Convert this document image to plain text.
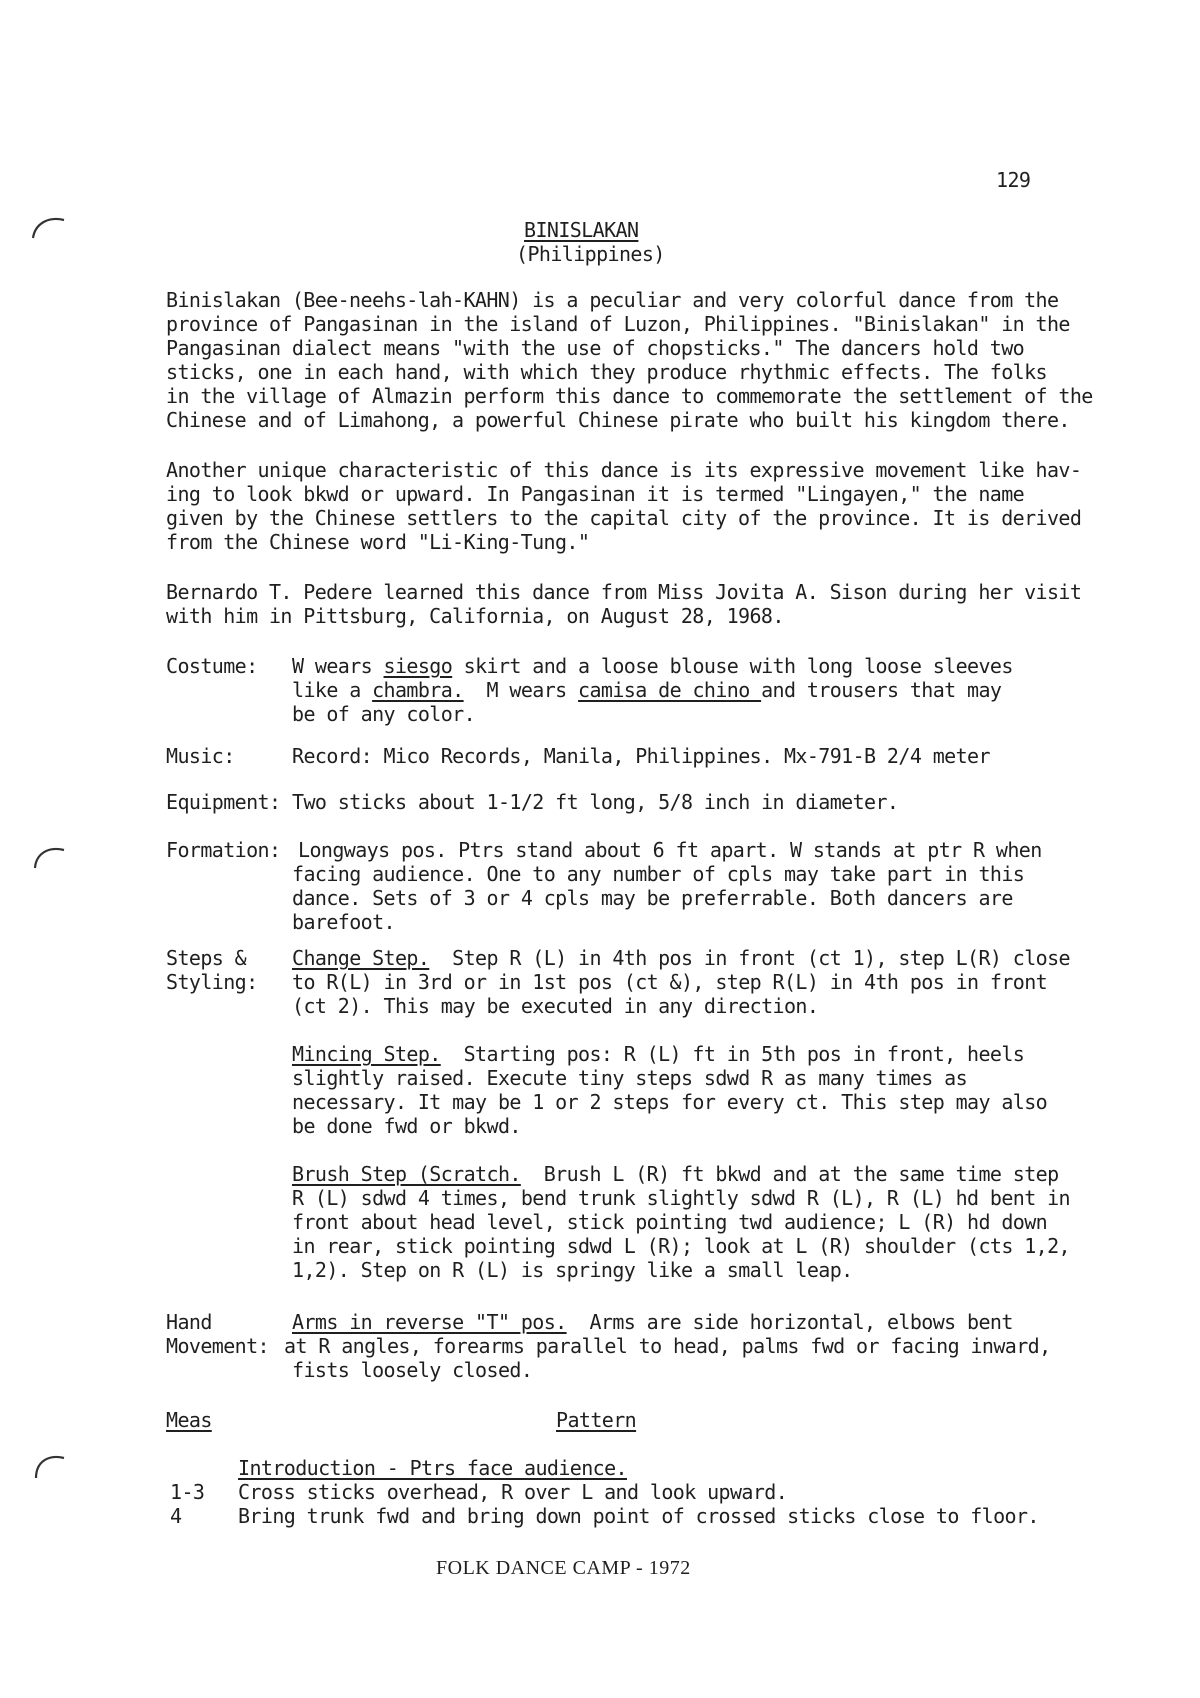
129
BINISLAKAN
(Philippines)
Binislakan (Bee-neehs-lah-KAHN) is a peculiar and very colorful dance from the
province of Pangasinan in the island of Luzon, Philippines. "Binislakan" in the
Pangasinan dialect means "with the use of chopsticks." The dancers hold two
sticks, one in each hand, with which they produce rhythmic effects. The folks
in the village of Almazin perform this dance to commemorate the settlement of the
Chinese and of Limahong, a powerful Chinese pirate who built his kingdom there.
Another unique characteristic of this dance is its expressive movement like hav-
ing to look bkwd or upward. In Pangasinan it is termed "Lingayen," the name
given by the Chinese settlers to the capital city of the province. It is derived
from the Chinese word "Li-King-Tung."
Bernardo T. Pedere learned this dance from Miss Jovita A. Sison during her visit
with him in Pittsburg, California, on August 28, 1968.
Costume: W wears siesgo skirt and a loose blouse with long loose sleeves
like a chambra.  M wears camisa de chino and trousers that may
be of any color.
Music:	Record: Mico Records, Manila, Philippines. Mx-791-B 2/4 meter
Equipment: Two sticks about 1-1/2 ft long, 5/8 inch in diameter.
Formation: Longways pos. Ptrs stand about 6 ft apart. W stands at ptr R when
facing audience. One to any number of cpls may take part in this
dance. Sets of 3 or 4 cpls may be preferrable. Both dancers are
barefoot.
Steps &
Styling:
Change Step.  Step R (L) in 4th pos in front (ct 1), step L(R) close
to R(L) in 3rd or in 1st pos (ct &), step R(L) in 4th pos in front
(ct 2). This may be executed in any direction.
Mincing Step.  Starting pos: R (L) ft in 5th pos in front, heels
slightly raised. Execute tiny steps sdwd R as many times as
necessary. It may be 1 or 2 steps for every ct. This step may also
be done fwd or bkwd.
Brush Step (Scratch.  Brush L (R) ft bkwd and at the same time step
R (L) sdwd 4 times, bend trunk slightly sdwd R (L), R (L) hd bent in
front about head level, stick pointing twd audience; L (R) hd down
in rear, stick pointing sdwd L (R); look at L (R) shoulder (cts 1,2,
1,2). Step on R (L) is springy like a small leap.
Hand
Movement:
Arms in reverse "T" pos.  Arms are side horizontal, elbows bent
at R angles, forearms parallel to head, palms fwd or facing inward,
fists loosely closed.
Meas	Pattern
Introduction - Ptrs face audience.
1-3 Cross sticks overhead, R over L and look upward.
4	Bring trunk fwd and bring down point of crossed sticks close to floor.
FOLK DANCE CAMP - 1972
